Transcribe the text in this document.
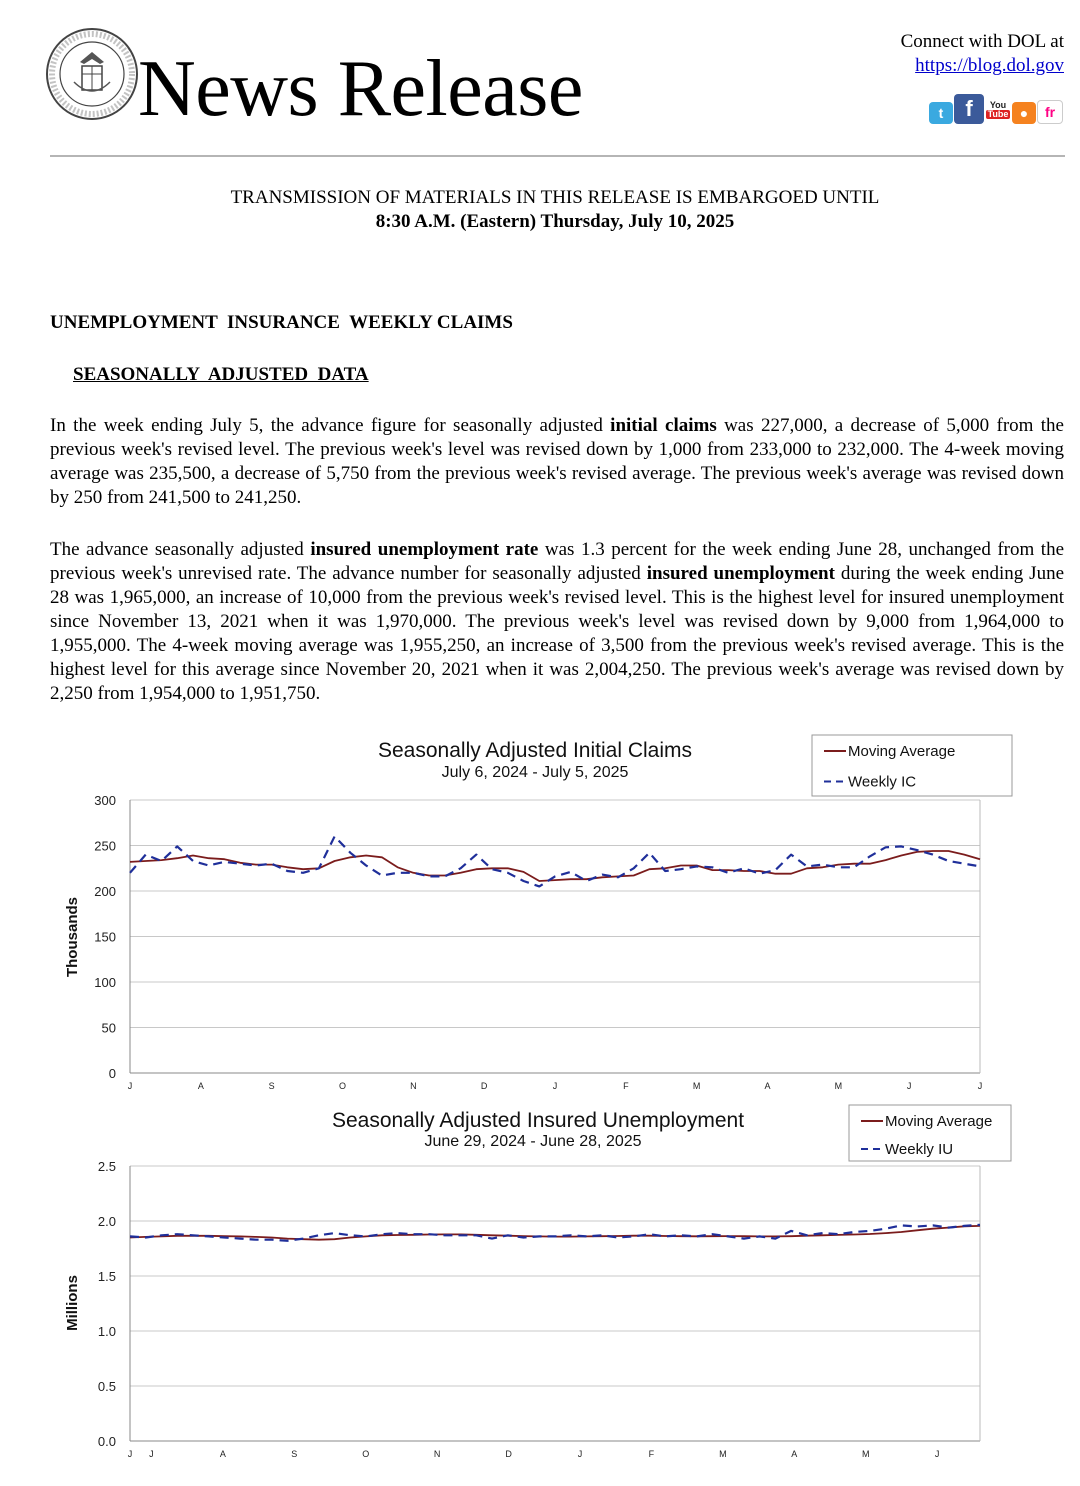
News Release
Connect with DOL at
https://blog.dol.gov
t	f	You
Tube ●	fr
TRANSMISSION OF MATERIALS IN THIS RELEASE IS EMBARGOED UNTIL
8:30 A.M. (Eastern) Thursday, July 10, 2025
UNEMPLOYMENT  INSURANCE  WEEKLY CLAIMS
SEASONALLY  ADJUSTED  DATA
In the week ending July 5, the advance figure for seasonally adjusted initial claims was 227,000, a decrease of 5,000 from the previous week's revised level. The previous week's level was revised down by 1,000 from 233,000 to 232,000. The 4-week moving average was 235,500, a decrease of 5,750 from the previous week's revised average. The previous week's average was revised down by 250 from 241,500 to 241,250.
The advance seasonally adjusted insured unemployment rate was 1.3 percent for the week ending June 28, unchanged from the previous week's unrevised rate. The advance number for seasonally adjusted insured unemployment during the week ending June 28 was 1,965,000, an increase of 10,000 from the previous week's revised level. This is the highest level for insured unemployment since November 13, 2021 when it was 1,970,000. The previous week's level was revised down by 9,000 from 1,964,000 to 1,955,000. The 4-week moving average was 1,955,250, an increase of 3,500 from the previous week's revised average. This is the highest level for this average since November 20, 2021 when it was 2,004,250. The previous week's average was revised down by 2,250 from 1,954,000 to 1,951,750.
Seasonally Adjusted Initial Claims
July 6, 2024 - July 5, 2025
0
50
100
150
200
250
300
Thousands
J	A	S	O	N	D	J	F	M	A	M	J	J
Moving Average
Weekly IC
Seasonally Adjusted Insured Unemployment
June 29, 2024 - June 28, 2025
0.0
0.5
1.0
1.5
2.0
2.5
Millions
J J	A	S	O	N	D	J	F	M	A	M	J
Moving Average
Weekly IU
